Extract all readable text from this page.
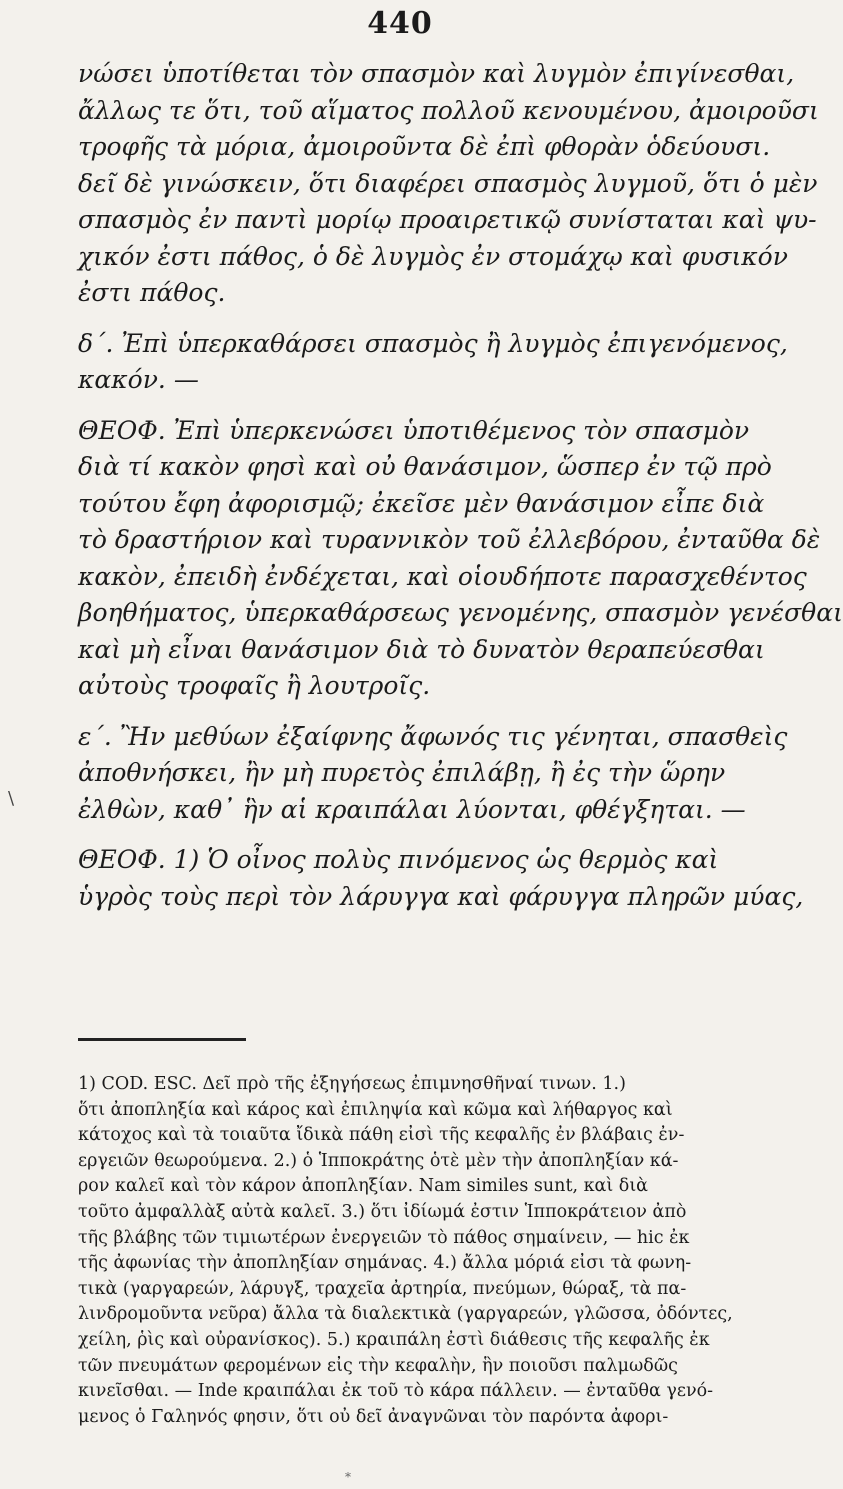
440
\
νώσει ὑποτίθεται τὸν σπασμὸν καὶ λυγμὸν ἐπιγίνεσθαι,
ἄλλως τε ὅτι, τοῦ αἵματος πολλοῦ κενουμένου, ἀμοιροῦσι
τροφῆς τὰ μόρια, ἀμοιροῦντα δὲ ἐπὶ φθορὰν ὁδεύουσι.
δεῖ δὲ γινώσκειν, ὅτι διαφέρει σπασμὸς λυγμοῦ, ὅτι ὁ μὲν
σπασμὸς ἐν παντὶ μορίῳ προαιρετικῷ συνίσταται καὶ ψυ-
χικόν ἐστι πάθος, ὁ δὲ λυγμὸς ἐν στομάχῳ καὶ φυσικόν
ἐστι πάθος.
δ΄. Ἐπὶ ὑπερκαθάρσει σπασμὸς ἢ λυγμὸς ἐπιγενόμενος,
κακόν. —
ΘΕΟΦ. Ἐπὶ ὑπερκενώσει ὑποτιθέμενος τὸν σπασμὸν
διὰ τί κακὸν φησὶ καὶ οὐ θανάσιμον, ὥσπερ ἐν τῷ πρὸ
τούτου ἔφη ἀφορισμῷ; ἐκεῖσε μὲν θανάσιμον εἶπε διὰ
τὸ δραστήριον καὶ τυραννικὸν τοῦ ἐλλεβόρου, ἐνταῦθα δὲ
κακὸν, ἐπειδὴ ἐνδέχεται, καὶ οἱουδήποτε παρασχεθέντος
βοηθήματος, ὑπερκαθάρσεως γενομένης, σπασμὸν γενέσθαι
καὶ μὴ εἶναι θανάσιμον διὰ τὸ δυνατὸν θεραπεύεσθαι
αὐτοὺς τροφαῖς ἢ λουτροῖς.
ε΄. Ἢν μεθύων ἐξαίφνης ἄφωνός τις γένηται, σπασθεὶς
ἀποθνήσκει, ἢν μὴ πυρετὸς ἐπιλάβῃ, ἢ ἐς τὴν ὥρην
ἐλθὼν, καθ᾽ ἣν αἱ κραιπάλαι λύονται, φθέγξηται. —
ΘΕΟΦ. 1) Ὁ οἶνος πολὺς πινόμενος ὡς θερμὸς καὶ
ὑγρὸς τοὺς περὶ τὸν λάρυγγα καὶ φάρυγγα πληρῶν μύας,
1) COD. ESC. Δεῖ πρὸ τῆς ἐξηγήσεως ἐπιμνησθῆναί τινων. 1.)
ὅτι ἀποπληξία καὶ κάρος καὶ ἐπιληψία καὶ κῶμα καὶ λήθαργος καὶ
κάτοχος καὶ τὰ τοιαῦτα ἴδικὰ πάθη εἰσὶ τῆς κεφαλῆς ἐν βλάβαις ἐν-
εργειῶν θεωρούμενα. 2.) ὁ Ἱπποκράτης ὁτὲ μὲν τὴν ἀποπληξίαν κά-
ρον καλεῖ καὶ τὸν κάρον ἀποπληξίαν. Nam similes sunt, καὶ διὰ
τοῦτο ἀμφαλλὰξ αὐτὰ καλεῖ. 3.) ὅτι ἰδίωμά ἐστιν Ἱπποκράτειον ἀπὸ
τῆς βλάβης τῶν τιμιωτέρων ἐνεργειῶν τὸ πάθος σημαίνειν, — hic ἐκ
τῆς ἀφωνίας τὴν ἀποπληξίαν σημάνας. 4.) ἄλλα μόριά εἰσι τὰ φωνη-
τικὰ (γαργαρεών, λάρυγξ, τραχεῖα ἀρτηρία, πνεύμων, θώραξ, τὰ πα-
λινδρομοῦντα νεῦρα) ἄλλα τὰ διαλεκτικὰ (γαργαρεών, γλῶσσα, ὀδόντες,
χείλη, ῥὶς καὶ οὐρανίσκος). 5.) κραιπάλη ἐστὶ διάθεσις τῆς κεφαλῆς ἐκ
τῶν πνευμάτων φερομένων εἰς τὴν κεφαλὴν, ἣν ποιοῦσι παλμωδῶς
κινεῖσθαι. — Inde κραιπάλαι ἐκ τοῦ τὸ κάρα πάλλειν. — ἐνταῦθα γενό-
μενος ὁ Γαληνός φησιν, ὅτι οὐ δεῖ ἀναγνῶναι τὸν παρόντα ἀφορι-
*
